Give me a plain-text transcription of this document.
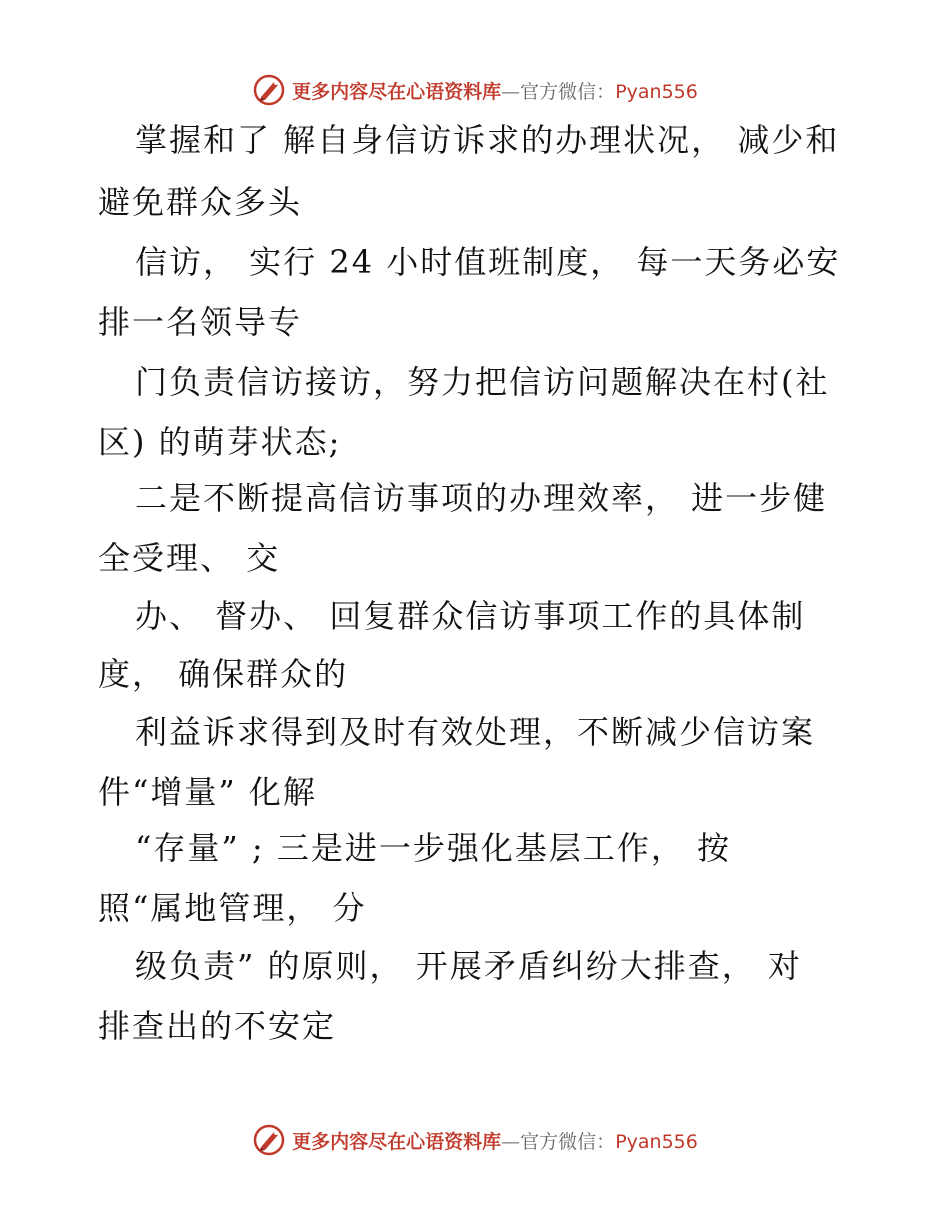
更多内容尽在心语资料库—官方微信：Pyan556
掌握和了 解自身信访诉求的办理状况， 减少和
避免群众多头
信访， 实行 24 小时值班制度， 每一天务必安
排一名领导专
门负责信访接访，努力把信访问题解决在村(社
区) 的萌芽状态;
二是不断提高信访事项的办理效率， 进一步健
全受理、 交
办、 督办、 回复群众信访事项工作的具体制
度， 确保群众的
利益诉求得到及时有效处理，不断减少信访案
件“增量” 化解
“存量” ; 三是进一步强化基层工作， 按
照“属地管理， 分
级负责” 的原则， 开展矛盾纠纷大排查， 对
排查出的不安定
更多内容尽在心语资料库—官方微信：Pyan556
